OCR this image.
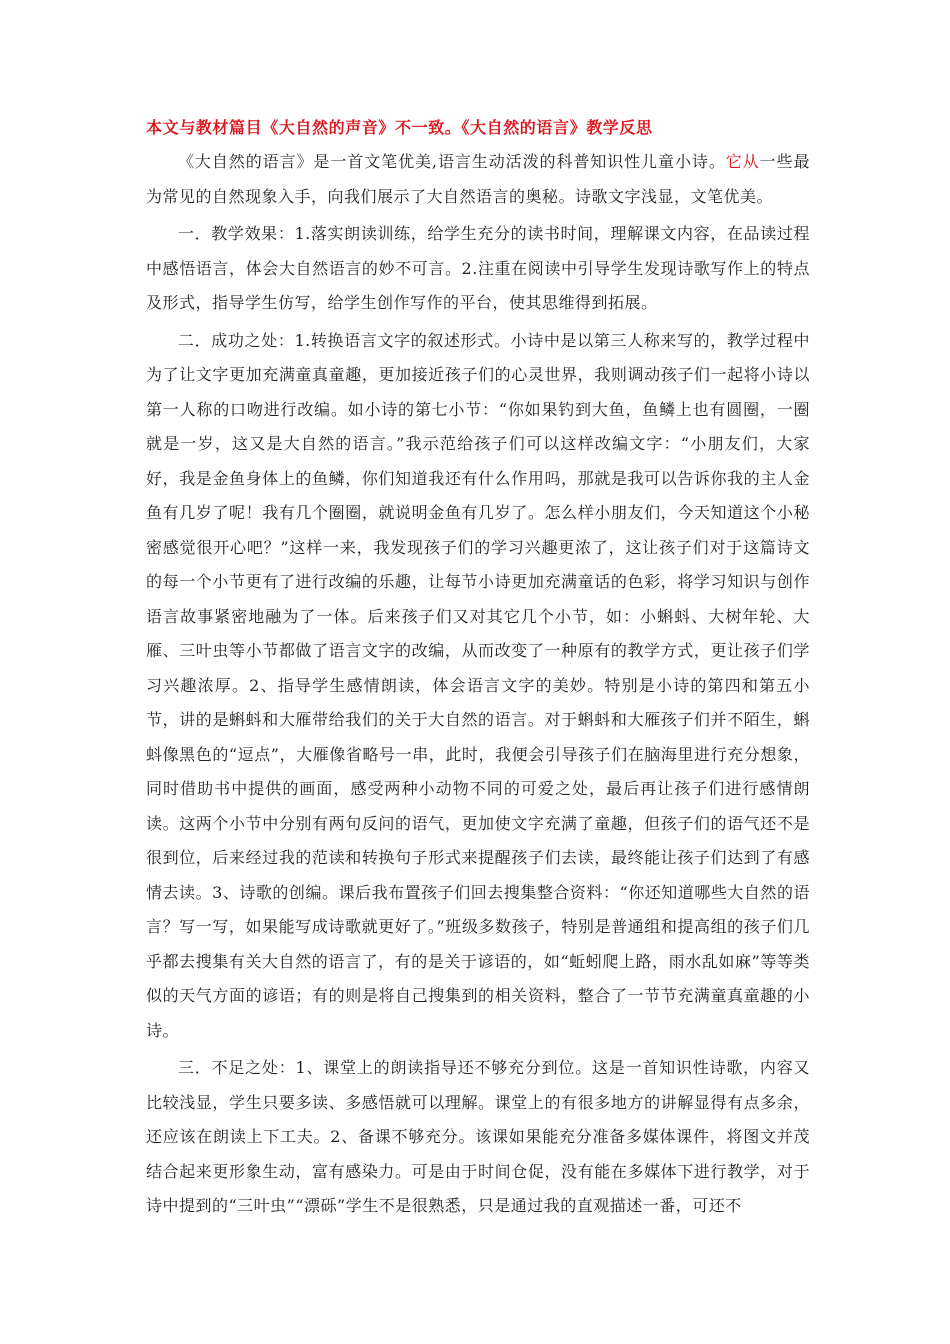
本文与教材篇目《大自然的声音》不一致。《大自然的语言》教学反思

《大自然的语言》是一首文笔优美,语言生动活泼的科普知识性儿童小诗。它从一些最为常见的自然现象入手，向我们展示了大自然语言的奥秘。诗歌文字浅显，文笔优美。

一．教学效果：1.落实朗读训练，给学生充分的读书时间，理解课文内容，在品读过程中感悟语言，体会大自然语言的妙不可言。2.注重在阅读中引导学生发现诗歌写作上的特点及形式，指导学生仿写，给学生创作写作的平台，使其思维得到拓展。

二．成功之处：1.转换语言文字的叙述形式。小诗中是以第三人称来写的，教学过程中为了让文字更加充满童真童趣，更加接近孩子们的心灵世界，我则调动孩子们一起将小诗以第一人称的口吻进行改编。如小诗的第七小节：“你如果钓到大鱼，鱼鳞上也有圆圈，一圈就是一岁，这又是大自然的语言。”我示范给孩子们可以这样改编文字：“小朋友们，大家好，我是金鱼身体上的鱼鳞，你们知道我还有什么作用吗，那就是我可以告诉你我的主人金鱼有几岁了呢！我有几个圈圈，就说明金鱼有几岁了。怎么样小朋友们，今天知道这个小秘密感觉很开心吧？”这样一来，我发现孩子们的学习兴趣更浓了，这让孩子们对于这篇诗文的每一个小节更有了进行改编的乐趣，让每节小诗更加充满童话的色彩，将学习知识与创作语言故事紧密地融为了一体。后来孩子们又对其它几个小节，如：小蝌蚪、大树年轮、大雁、三叶虫等小节都做了语言文字的改编，从而改变了一种原有的教学方式，更让孩子们学习兴趣浓厚。2、指导学生感情朗读，体会语言文字的美妙。特别是小诗的第四和第五小节，讲的是蝌蚪和大雁带给我们的关于大自然的语言。对于蝌蚪和大雁孩子们并不陌生，蝌蚪像黑色的“逗点”，大雁像省略号一串，此时，我便会引导孩子们在脑海里进行充分想象，同时借助书中提供的画面，感受两种小动物不同的可爱之处，最后再让孩子们进行感情朗读。这两个小节中分别有两句反问的语气，更加使文字充满了童趣，但孩子们的语气还不是很到位，后来经过我的范读和转换句子形式来提醒孩子们去读，最终能让孩子们达到了有感情去读。3、诗歌的创编。课后我布置孩子们回去搜集整合资料：“你还知道哪些大自然的语言？写一写，如果能写成诗歌就更好了。”班级多数孩子，特别是普通组和提高组的孩子们几乎都去搜集有关大自然的语言了，有的是关于谚语的，如“蚯蚓爬上路，雨水乱如麻”等等类似的天气方面的谚语；有的则是将自己搜集到的相关资料，整合了一节节充满童真童趣的小诗。

三．不足之处：1、课堂上的朗读指导还不够充分到位。这是一首知识性诗歌，内容又比较浅显，学生只要多读、多感悟就可以理解。课堂上的有很多地方的讲解显得有点多余，还应该在朗读上下工夫。2、备课不够充分。该课如果能充分准备多媒体课件，将图文并茂结合起来更形象生动，富有感染力。可是由于时间仓促，没有能在多媒体下进行教学，对于诗中提到的“三叶虫”“漂砾”学生不是很熟悉，只是通过我的直观描述一番，可还不
